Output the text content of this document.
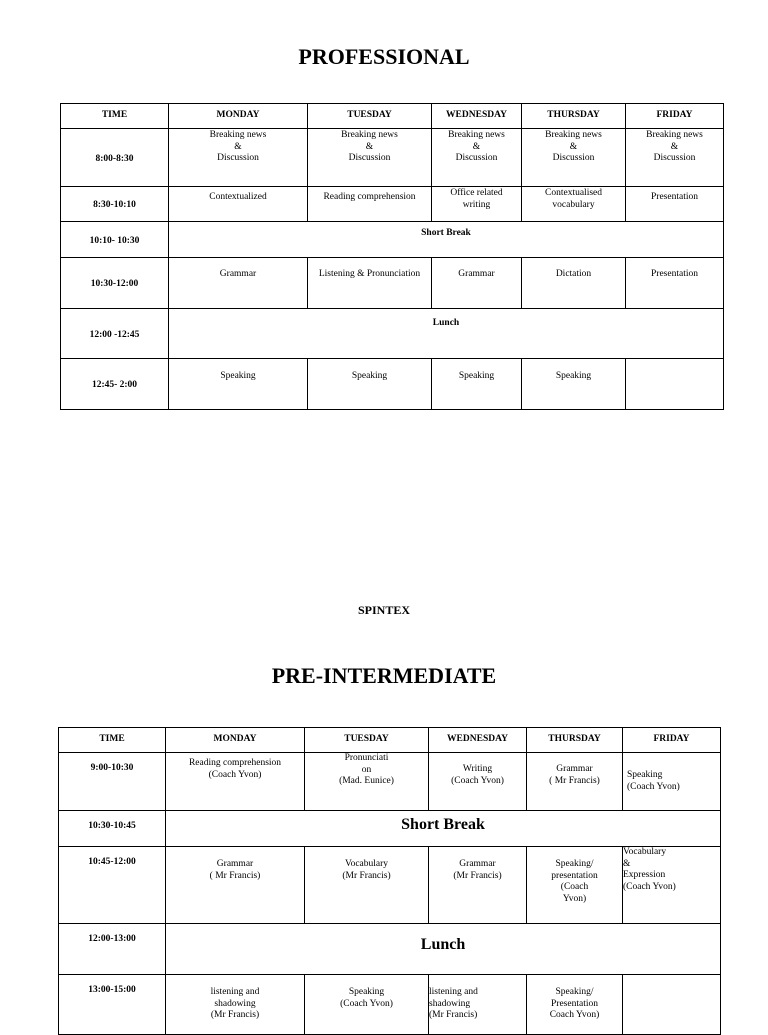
PROFESSIONAL
TIME	MONDAY	TUESDAY	WEDNESDAY	THURSDAY	FRIDAY
8:00-8:30	Breaking news
&
Discussion	Breaking news
&
Discussion	Breaking news
&
Discussion	Breaking news
&
Discussion	Breaking news
&
Discussion

8:30-10:10	Contextualized	Reading comprehension	Office related
writing	Contextualised
vocabulary	Presentation

10:10- 10:30	Short Break				
10:30-12:00	Grammar	Listening & Pronunciation	Grammar	Dictation	Presentation

12:00 -12:45	Lunch				
12:45- 2:00	Speaking	Speaking	Speaking	Speaking	

SPINTEX
PRE-INTERMEDIATE
TIME	MONDAY	TUESDAY	WEDNESDAY	THURSDAY	FRIDAY
9:00-10:30	Reading comprehension
(Coach Yvon)	Pronunciati
on
(Mad. Eunice)	Writing
(Coach Yvon)	Grammar
( Mr Francis)	Speaking
(Coach Yvon)

10:30-10:45	Short Break				
10:45-12:00	Grammar
( Mr Francis)	Vocabulary
(Mr Francis)	Grammar
(Mr Francis)	Speaking/
presentation
(Coach
Yvon)	Vocabulary
&
Expression
(Coach Yvon)

12:00-13:00	Lunch				
13:00-15:00	listening and
shadowing
(Mr Francis)	Speaking
(Coach Yvon)	listening and
shadowing
(Mr Francis)	Speaking/
Presentation
Coach Yvon)	
